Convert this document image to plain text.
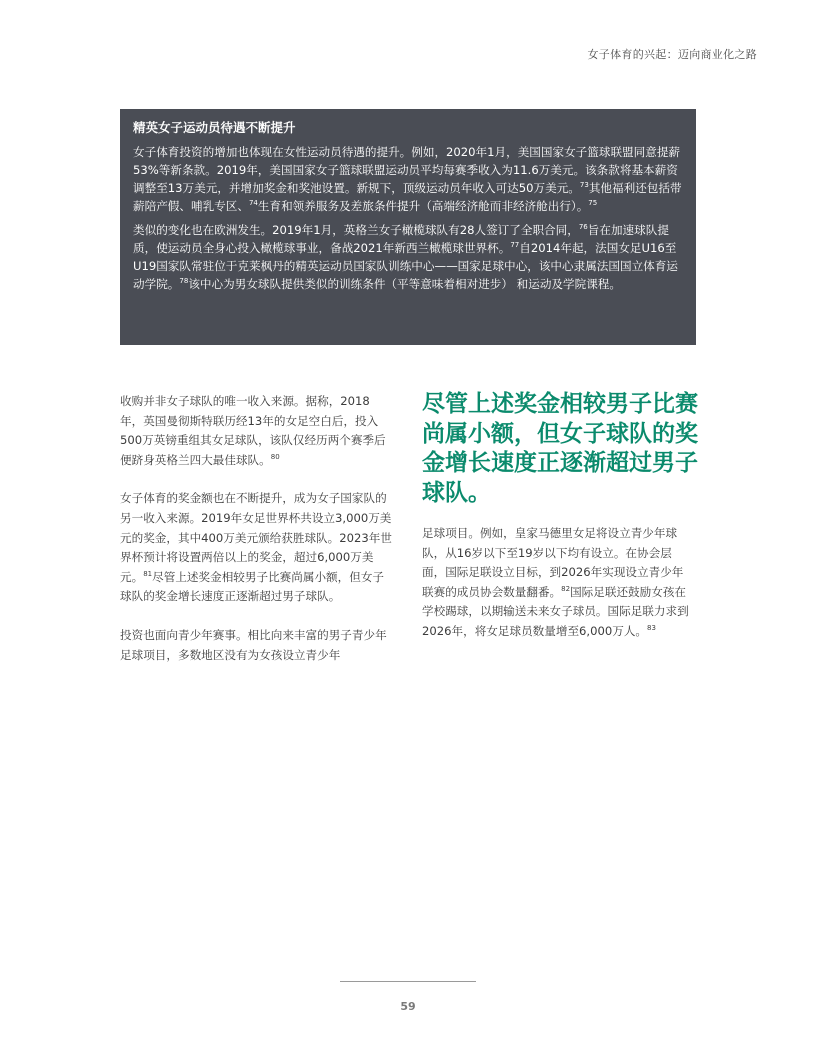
女子体育的兴起：迈向商业化之路
精英女子运动员待遇不断提升

女子体育投资的增加也体现在女性运动员待遇的提升。例如，2020年1月，美国国家女子篮球联盟同意提薪53%等新条款。2019年，美国国家女子篮球联盟运动员平均每赛季收入为11.6万美元。该条款将基本薪资调整至13万美元，并增加奖金和奖池设置。新规下，顶级运动员年收入可达50万美元。$^{73}$其他福利还包括带薪陪产假、哺乳专区、$^{74}$生育和领养服务及差旅条件提升（高端经济舱而非经济舱出行）。$^{75}$

类似的变化也在欧洲发生。2019年1月，英格兰女子橄榄球队有28人签订了全职合同，$^{76}$旨在加速球队提质，使运动员全身心投入橄榄球事业，备战2021年新西兰橄榄球世界杯。$^{77}$自2014年起，法国女足U16至U19国家队常驻位于克莱枫丹的精英运动员国家队训练中心——国家足球中心，该中心隶属法国国立体育运动学院。$^{78}$该中心为男女球队提供类似的训练条件（平等意味着相对进步） 和运动及学院课程。

收购并非女子球队的唯一收入来源。据称，2018年，英国曼彻斯特联历经13年的女足空白后，投入500万英镑重组其女足球队，该队仅经历两个赛季后便跻身英格兰四大最佳球队。$^{80}$

女子体育的奖金额也在不断提升，成为女子国家队的另一收入来源。2019年女足世界杯共设立3,000万美元的奖金，其中400万美元颁给获胜球队。2023年世界杯预计将设置两倍以上的奖金，超过6,000万美元。$^{81}$尽管上述奖金相较男子比赛尚属小额，但女子球队的奖金增长速度正逐渐超过男子球队。

投资也面向青少年赛事。相比向来丰富的男子青少年足球项目，多数地区没有为女孩设立青少年

尽管上述奖金相较男子比赛尚属小额，但女子球队的奖金增长速度正逐渐超过男子球队。

足球项目。例如，皇家马德里女足将设立青少年球队，从16岁以下至19岁以下均有设立。在协会层面，国际足联设立目标，到2026年实现设立青少年联赛的成员协会数量翻番。$^{82}$国际足联还鼓励女孩在学校踢球，以期输送未来女子球员。国际足联力求到2026年，将女足球员数量增至6,000万人。$^{83}$

59
